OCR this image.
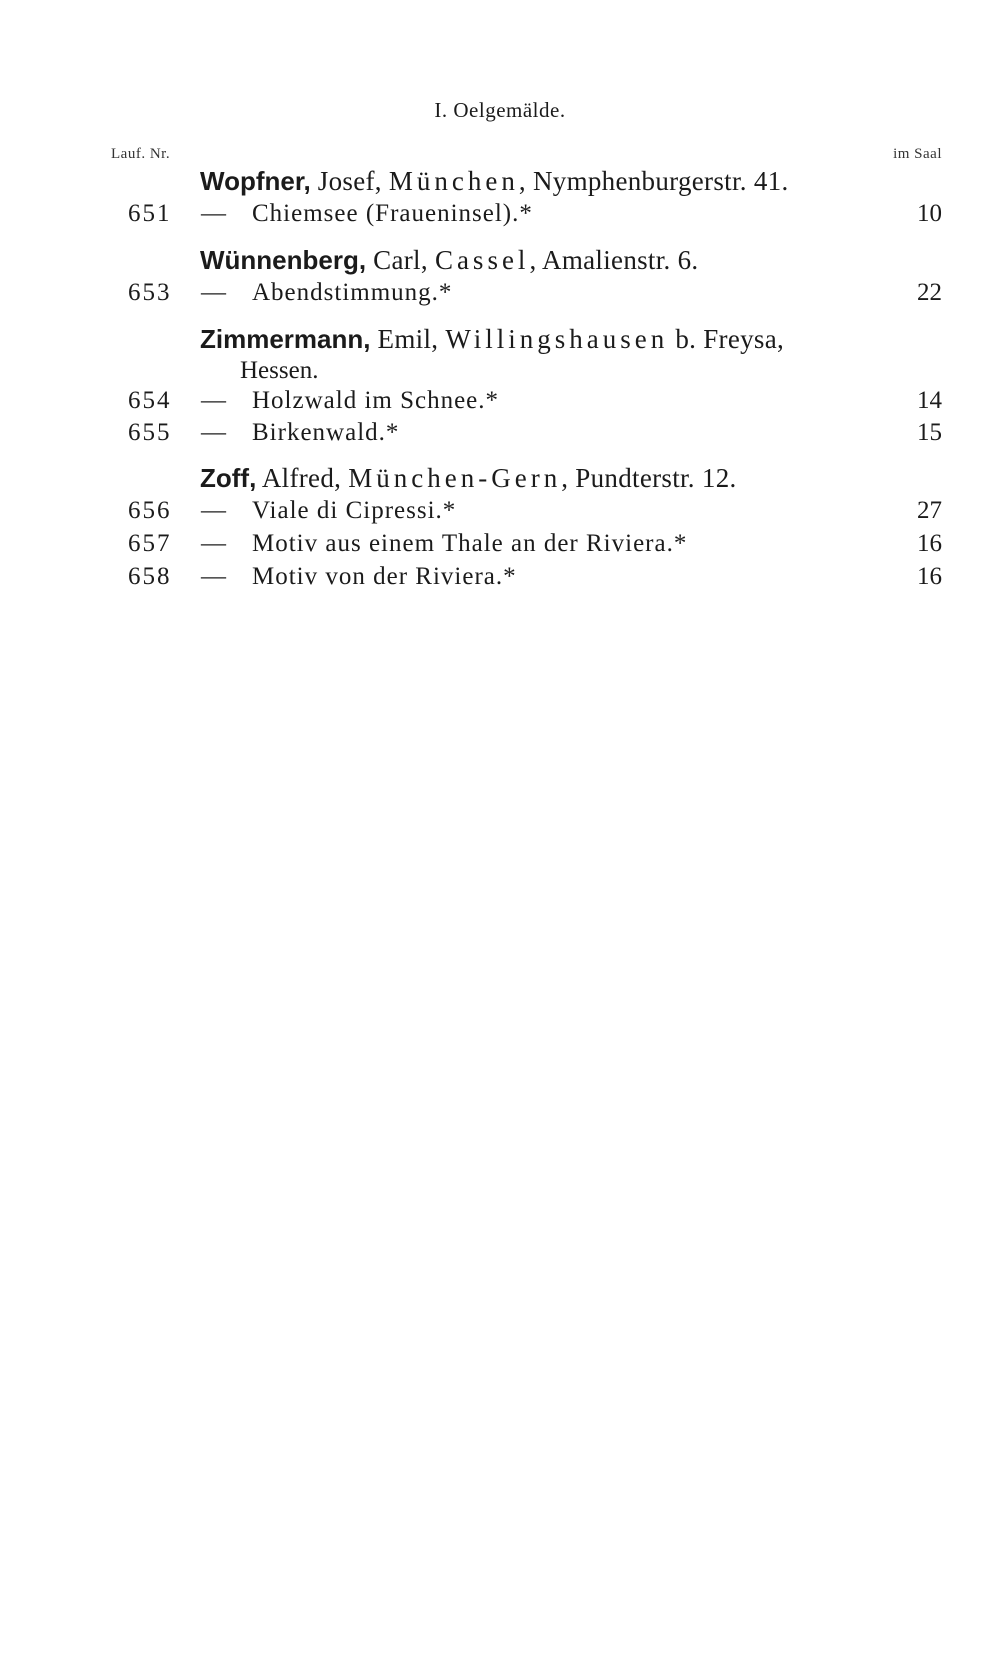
I. Oelgemälde.
Lauf. Nr.	im Saal
Wopfner, Josef, München, Nymphenburgerstr. 41.
651	— Chiemsee (Fraueninsel).*	10
Wünnenberg, Carl, Cassel, Amalienstr. 6.
653	— Abendstimmung.*	22
Zimmermann, Emil, Willingshausen b. Freysa,
Hessen.
654	— Holzwald im Schnee.*	14
655	— Birkenwald.*	15
Zoff, Alfred, München-Gern, Pundterstr. 12.
656	— Viale di Cipressi.*	27
657	— Motiv aus einem Thale an der Riviera.*	16
658	— Motiv von der Riviera.*	16
